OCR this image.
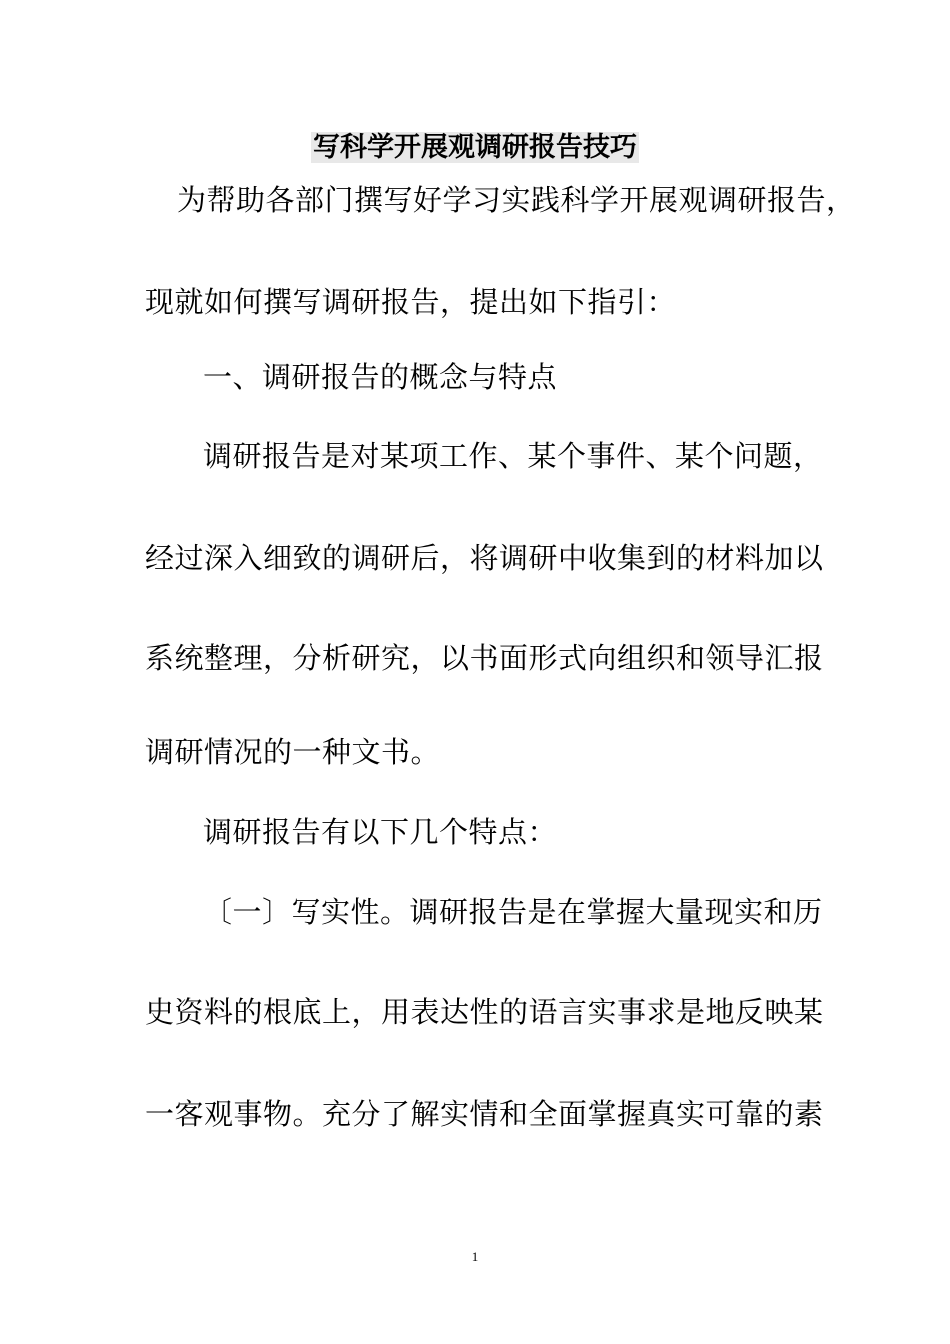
写科学开展观调研报告技巧
为帮助各部门撰写好学习实践科学开展观调研报告，
现就如何撰写调研报告，提出如下指引：
一、调研报告的概念与特点
调研报告是对某项工作、某个事件、某个问题，
经过深入细致的调研后，将调研中收集到的材料加以
系统整理，分析研究，以书面形式向组织和领导汇报
调研情况的一种文书。
调研报告有以下几个特点：
〔一〕写实性。调研报告是在掌握大量现实和历
史资料的根底上，用表达性的语言实事求是地反映某
一客观事物。充分了解实情和全面掌握真实可靠的素
1
